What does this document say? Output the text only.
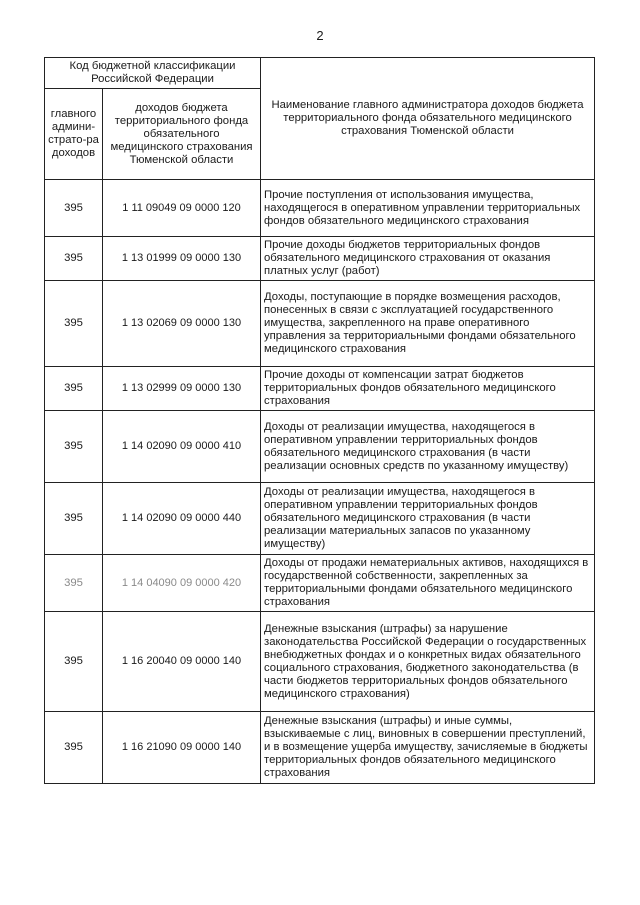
2
Код бюджетной классификации Российской Федерации		Наименование главного администратора доходов бюджета территориального фонда обязательного медицинского страхования Тюменской области
главного админи-страто-ра доходов	доходов бюджета территориального фонда обязательного медицинского страхования Тюменской области	
395	1 11 09049 09 0000 120	Прочие поступления от использования имущества, находящегося в оперативном управлении территориальных фондов обязательного медицинского страхования
395	1 13 01999 09 0000 130	Прочие доходы бюджетов территориальных фондов обязательного медицинского страхования от оказания платных услуг (работ)
395	1 13 02069 09 0000 130	Доходы, поступающие в порядке возмещения расходов, понесенных в связи с эксплуатацией государственного имущества, закрепленного на праве оперативного управления за территориальными фондами обязательного медицинского страхования
395	1 13 02999 09 0000 130	Прочие доходы от компенсации затрат бюджетов территориальных фондов обязательного медицинского страхования
395	1 14 02090 09 0000 410	Доходы от реализации имущества, находящегося в оперативном управлении территориальных фондов обязательного медицинского страхования (в части реализации основных средств по указанному имуществу)
395	1 14 02090 09 0000 440	Доходы от реализации имущества, находящегося в оперативном управлении территориальных фондов обязательного медицинского страхования (в части реализации материальных запасов по указанному имуществу)
395	1 14 04090 09 0000 420	Доходы от продажи нематериальных активов, находящихся в государственной собственности, закрепленных за территориальными фондами обязательного медицинского страхования
395	1 16 20040 09 0000 140	Денежные взыскания (штрафы) за нарушение законодательства Российской Федерации о государственных внебюджетных фондах и о конкретных видах обязательного социального страхования, бюджетного законодательства (в части бюджетов территориальных фондов обязательного медицинского страхования)
395	1 16 21090 09 0000 140	Денежные взыскания (штрафы) и иные суммы, взыскиваемые с лиц, виновных в совершении преступлений, и в возмещение ущерба имуществу, зачисляемые в бюджеты территориальных фондов обязательного медицинского страхования
